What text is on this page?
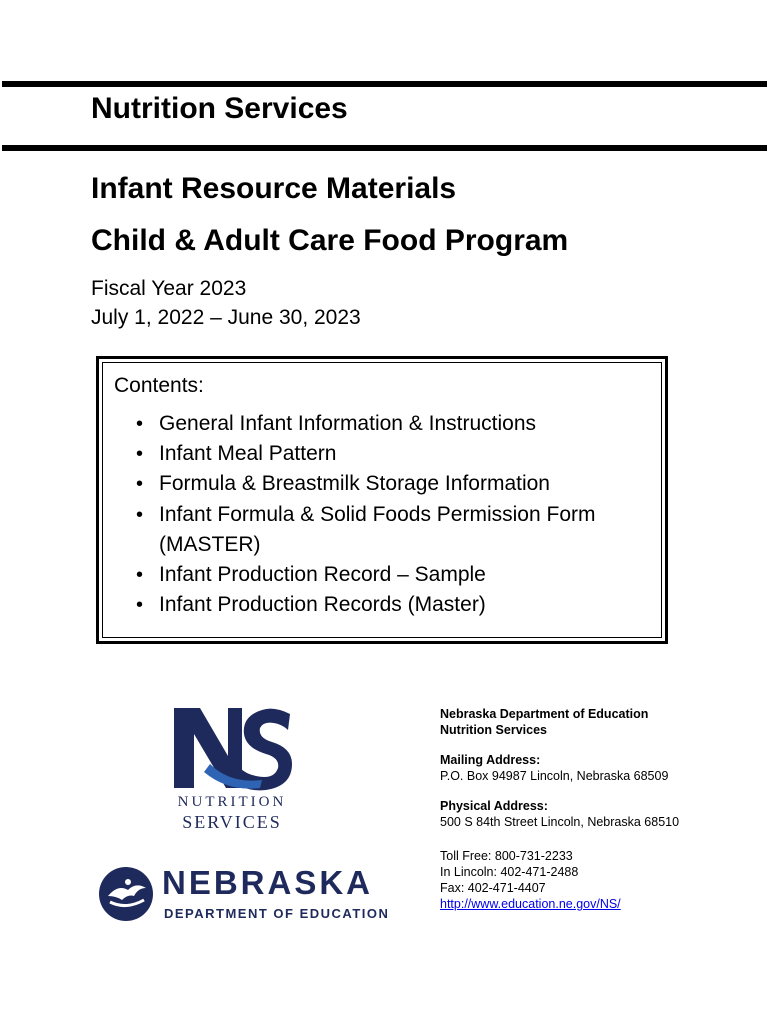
Nutrition Services
Infant Resource Materials
Child & Adult Care Food Program
Fiscal Year 2023
July 1, 2022 – June 30, 2023
Contents:
• General Infant Information & Instructions
• Infant Meal Pattern
• Formula & Breastmilk Storage Information
• Infant Formula & Solid Foods Permission Form (MASTER)
• Infant Production Record – Sample
• Infant Production Records (Master)
NUTRITION
SERVICES
NEBRASKA
DEPARTMENT OF EDUCATION
Nebraska Department of Education
Nutrition Services
Mailing Address:
P.O. Box 94987 Lincoln, Nebraska 68509
Physical Address:
500 S 84th Street Lincoln, Nebraska 68510
Toll Free: 800-731-2233
In Lincoln: 402-471-2488
Fax: 402-471-4407
http://www.education.ne.gov/NS/
